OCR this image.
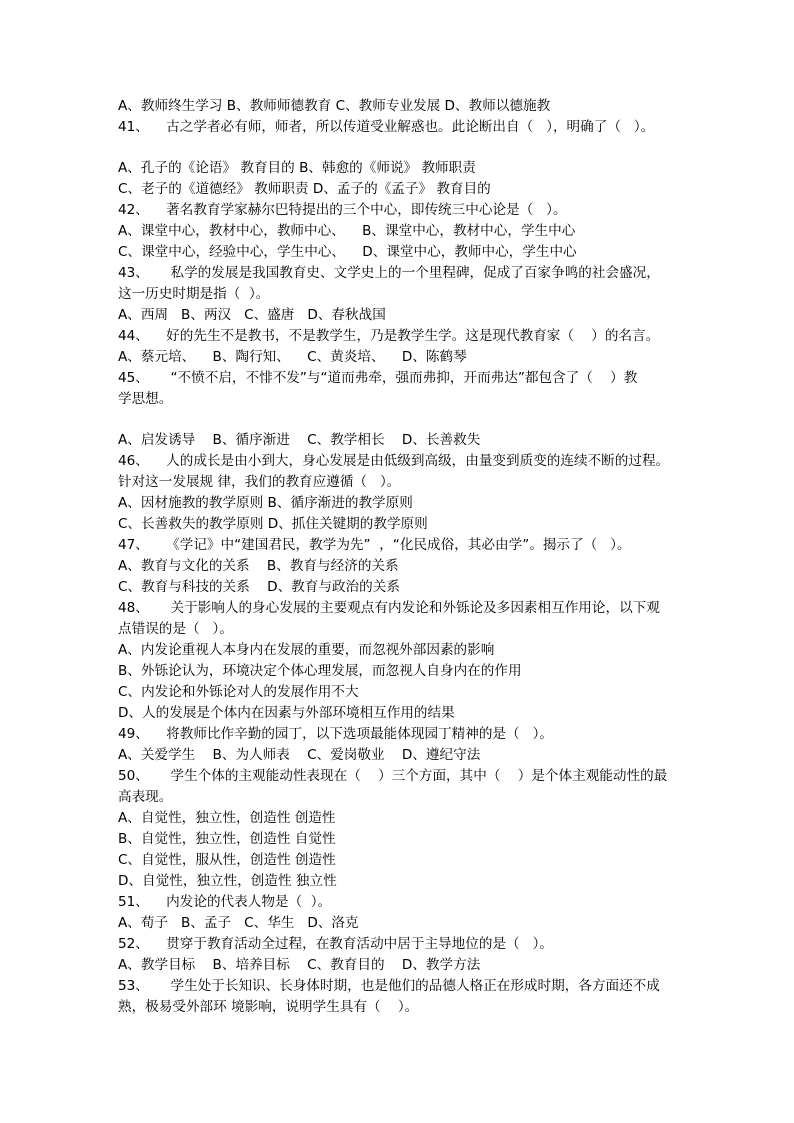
A、教师终生学习 B、教师师德教育 C、教师专业发展 D、教师以德施教
41、    古之学者必有师，师者，所以传道受业解惑也。此论断出自（   ），明确了（   ）。
A、孔子的《论语》 教育目的 B、韩愈的《师说》 教师职责
C、老子的《道德经》 教师职责 D、孟子的《孟子》 教育目的
42、    著名教育学家赫尔巴特提出的三个中心，即传统三中心论是（   ）。
A、课堂中心，教材中心，教师中心、    B、课堂中心，教材中心，学生中心
C、课堂中心，经验中心，学生中心、    D、课堂中心，教师中心，学生中心
43、     私学的发展是我国教育史、文学史上的一个里程碑，促成了百家争鸣的社会盛况，
这一历史时期是指（  ）。
A、西周   B、两汉   C、盛唐   D、春秋战国
44、    好的先生不是教书，不是教学生，乃是教学生学。这是现代教育家（    ）的名言。
A、蔡元培、    B、陶行知、    C、黄炎培、    D、陈鹤琴
45、     “不愤不启，不悱不发”与“道而弗牵，强而弗抑，开而弗达”都包含了（    ）教
学思想。
A、启发诱导    B、循序渐进    C、教学相长    D、长善救失
46、    人的成长是由小到大，身心发展是由低级到高级，由量变到质变的连续不断的过程。
针对这一发展规 律，我们的教育应遵循（   ）。
A、因材施教的教学原则 B、循序渐进的教学原则
C、长善救失的教学原则 D、抓住关键期的教学原则
47、    《学记》中“建国君民，教学为先”  ，“化民成俗，其必由学”。揭示了（   ）。
A、教育与文化的关系    B、教育与经济的关系
C、教育与科技的关系    D、教育与政治的关系
48、     关于影响人的身心发展的主要观点有内发论和外铄论及多因素相互作用论，以下观
点错误的是（   ）。
A、内发论重视人本身内在发展的重要，而忽视外部因素的影响
B、外铄论认为，环境决定个体心理发展，而忽视人自身内在的作用
C、内发论和外铄论对人的发展作用不大
D、人的发展是个体内在因素与外部环境相互作用的结果
49、    将教师比作辛勤的园丁，以下选项最能体现园丁精神的是（   ）。
A、关爱学生    B、为人师表    C、爱岗敬业    D、遵纪守法
50、     学生个体的主观能动性表现在（    ）三个方面，其中（    ）是个体主观能动性的最
高表现。
A、自觉性，独立性，创造性 创造性
B、自觉性，独立性，创造性 自觉性
C、自觉性，服从性，创造性 创造性
D、自觉性，独立性，创造性 独立性
51、    内发论的代表人物是（  ）。
A、荀子   B、孟子   C、华生   D、洛克
52、    贯穿于教育活动全过程，在教育活动中居于主导地位的是（   ）。
A、教学目标    B、培养目标    C、教育目的    D、教学方法
53、     学生处于长知识、长身体时期，也是他们的品德人格正在形成时期，各方面还不成
熟，极易受外部环 境影响，说明学生具有（    ）。
